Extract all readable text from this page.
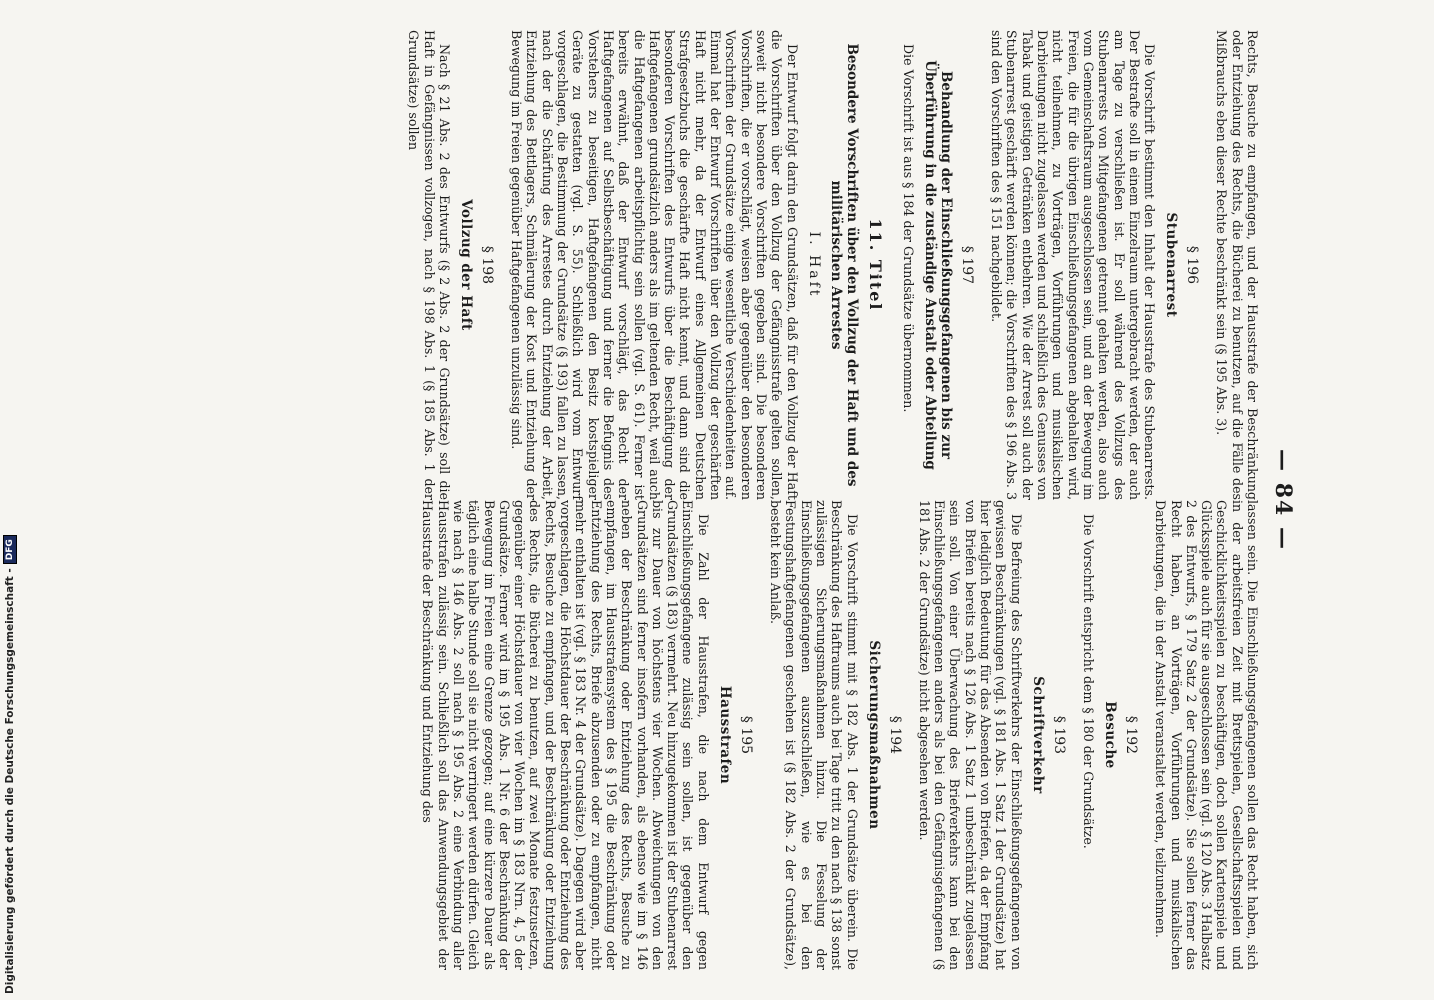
— 84 —

Rechts, Besuche zu empfangen, und der Hausstrafe der Beschränkung oder Entziehung des Rechts, die Bücherei zu benutzen, auf die Fälle des Mißbrauchs eben dieser Rechte beschränkt sein (§ 195 Abs. 3).

§ 196
Stubenarrest

Die Vorschrift bestimmt den Inhalt der Hausstrafe des Stubenarrests. Der Bestrafte soll in einem Einzelraum untergebracht werden, der auch am Tage zu verschließen ist. Er soll während des Vollzugs des Stubenarrests von Mitgefangenen getrennt gehalten werden, also auch vom Gemeinschaftsraum ausgeschlossen sein, und an der Bewegung im Freien, die für die übrigen Einschließungsgefangenen abgehalten wird, nicht teilnehmen, zu Vorträgen, Vorführungen und musikalischen Darbietungen nicht zugelassen werden und schließlich des Genusses von Tabak und geistigen Getränken entbehren. Wie der Arrest soll auch der Stubenarrest geschärft werden können; die Vorschriften des § 196 Abs. 3 sind den Vorschriften des § 151 nachgebildet.

§ 197
Behandlung der Einschließungsgefangenen bis zur Überführung in die zuständige Anstalt oder Abteilung

Die Vorschrift ist aus § 184 der Grundsätze übernommen.

11. Titel
Besondere Vorschriften über den Vollzug der Haft und des militärischen Arrestes
I. Haft

Der Entwurf folgt darin den Grundsätzen, daß für den Vollzug der Haft die Vorschriften über den Vollzug der Gefängnisstrafe gelten sollen, soweit nicht besondere Vorschriften gegeben sind. Die besonderen Vorschriften, die er vorschlägt, weisen aber gegenüber den besonderen Vorschriften der Grundsätze einige wesentliche Verschiedenheiten auf. Einmal hat der Entwurf Vorschriften über den Vollzug der geschärften Haft nicht mehr, da der Entwurf eines Allgemeinen Deutschen Strafgesetzbuchs die geschärfte Haft nicht kennt, und dann sind die besonderen Vorschriften des Entwurfs über die Beschäftigung der Haftgefangenen grundsätzlich anders als im geltenden Recht, weil auch die Haftgefangenen arbeitspflichtig sein sollen (vgl. S. 61). Ferner ist bereits erwähnt, daß der Entwurf vorschlägt, das Recht der Haftgefangenen auf Selbstbeschäftigung und ferner die Befugnis des Vorstehers zu beseitigen, Haftgefangenen den Besitz kostspieliger Geräte zu gestatten (vgl. S. 55). Schließlich wird vom Entwurf vorgeschlagen, die Bestimmung der Grundsätze (§ 193) fallen zu lassen, nach der die Schärfung des Arrestes durch Entziehung der Arbeit, Entziehung des Bettlagers, Schmälerung der Kost und Entziehung der Bewegung im Freien gegenüber Haftgefangenen unzulässig sind.

§ 198
Vollzug der Haft

Nach § 21 Abs. 2 des Entwurfs (§ 2 Abs. 2 der Grundsätze) soll die Haft in Gefängnissen vollzogen, nach § 198 Abs. 1 (§ 185 Abs. 1 der Grundsätze) sollen

lassen sein. Die Einschließungsgefangenen sollen das Recht haben, sich in der arbeitsfreien Zeit mit Brettspielen, Gesellschaftsspielen und Geschicklichkeitsspielen zu beschäftigen, doch sollen Kartenspiele und Glücksspiele auch für sie ausgeschlossen sein (vgl. § 120 Abs. 3 Halbsatz 2 des Entwurfs, § 179 Satz 2 der Grundsätze). Sie sollen ferner das Recht haben, an Vorträgen, Vorführungen und musikalischen Darbietungen, die in der Anstalt veranstaltet werden, teilzunehmen.

§ 192
Besuche

Die Vorschrift entspricht dem § 180 der Grundsätze.

§ 193
Schriftverkehr

Die Befreiung des Schriftverkehrs der Einschließungsgefangenen von gewissen Beschränkungen (vgl. § 181 Abs. 1 Satz 1 der Grundsätze) hat hier lediglich Bedeutung für das Absenden von Briefen, da der Empfang von Briefen bereits nach § 126 Abs. 1 Satz 1 unbeschränkt zugelassen sein soll. Von einer Überwachung des Briefverkehrs kann bei den Einschließungsgefangenen anders als bei den Gefängnisgefangenen (§ 181 Abs. 2 der Grundsätze) nicht abgesehen werden.

§ 194
Sicherungsmaßnahmen

Die Vorschrift stimmt mit § 182 Abs. 1 der Grundsätze überein. Die Beschränkung des Haftraums auch bei Tage tritt zu den nach § 138 sonst zulässigen Sicherungsmaßnahmen hinzu. Die Fesselung der Einschließungsgefangenen auszuschließen, wie es bei den Festungshaftgefangenen geschehen ist (§ 182 Abs. 2 der Grundsätze), besteht kein Anlaß.

§ 195
Hausstrafen

Die Zahl der Hausstrafen, die nach dem Entwurf gegen Einschließungsgefangene zulässig sein sollen, ist gegenüber den Grundsätzen (§ 183) vermehrt. Neu hinzugekommen ist der Stubenarrest bis zur Dauer von höchstens vier Wochen. Abweichungen von den Grundsätzen sind ferner insofern vorhanden, als ebenso wie im § 146 neben der Beschränkung oder Entziehung des Rechts, Besuche zu empfangen, im Hausstrafensystem des § 195 die Beschränkung oder Entziehung des Rechts, Briefe abzusenden oder zu empfangen, nicht mehr enthalten ist (vgl. § 183 Nr. 4 der Grundsätze). Dagegen wird aber vorgeschlagen, die Höchstdauer der Beschränkung oder Entziehung des Rechts, Besuche zu empfangen, und der Beschränkung oder Entziehung des Rechts, die Bücherei zu benutzen, auf zwei Monate festzusetzen, gegenüber einer Höchstdauer von vier Wochen im § 183 Nrn. 4, 5 der Grundsätze. Ferner wird im § 195 Abs. 1 Nr. 6 der Beschränkung der Bewegung im Freien eine Grenze gezogen; auf eine kürzere Dauer als täglich eine halbe Stunde soll sie nicht verringert werden dürfen. Gleich wie nach § 146 Abs. 2 soll nach § 195 Abs. 2 eine Verbindung aller Hausstrafen zulässig sein. Schließlich soll das Anwendungsgebiet der Hausstrafe der Beschränkung und Entziehung des

Digitalisierung gefördert durch die Deutsche Forschungsgemeinschaft -
DFG
